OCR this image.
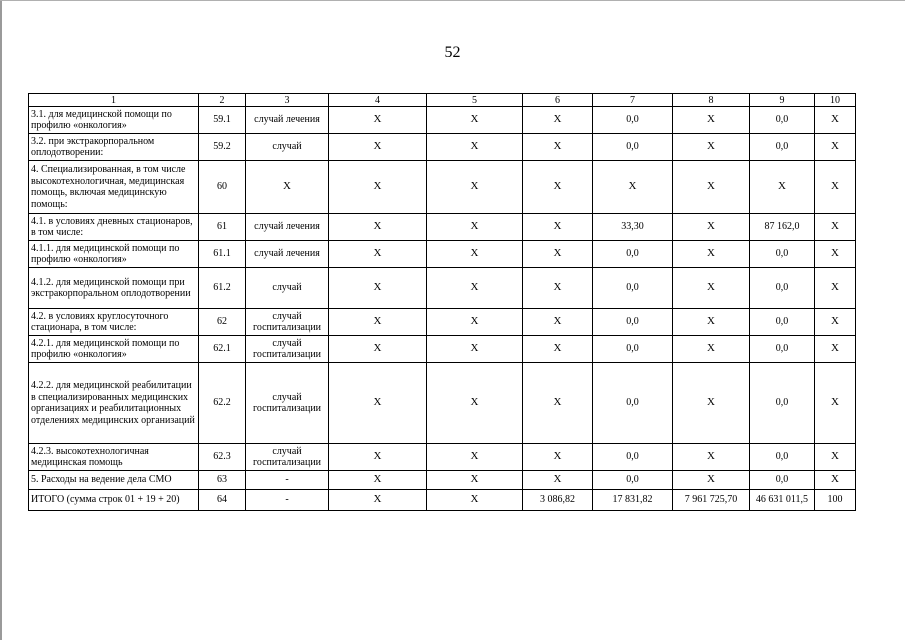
52
1	2	3	4	5	6	7	8	9	10
3.1. для медицинской помощи по профилю «онкология»	59.1	случай лечения	X	X	X	0,0	X	0,0	X
3.2. при экстракорпоральном оплодотворении:	59.2	случай	X	X	X	0,0	X	0,0	X
4. Специализированная, в том числе высокотехнологичная, медицинская помощь, включая медицинскую помощь:	60	X	X	X	X	X	X	X	X
4.1. в условиях дневных стационаров, в том числе:	61	случай лечения	X	X	X	33,30	X	87 162,0	X
4.1.1. для медицинской помощи по профилю «онкология»	61.1	случай лечения	X	X	X	0,0	X	0,0	X
4.1.2. для медицинской помощи при экстракорпоральном оплодотворении	61.2	случай	X	X	X	0,0	X	0,0	X
4.2. в условиях круглосуточного стационара, в том числе:	62	случай госпитализации	X	X	X	0,0	X	0,0	X
4.2.1. для медицинской помощи по профилю «онкология»	62.1	случай госпитализации	X	X	X	0,0	X	0,0	X
4.2.2. для медицинской реабилитации в специализированных медицинских организациях и реабилитационных отделениях медицинских организаций	62.2	случай госпитализации	X	X	X	0,0	X	0,0	X
4.2.3. высокотехнологичная медицинская помощь	62.3	случай госпитализации	X	X	X	0,0	X	0,0	X
5. Расходы на ведение дела СМО	63	-	X	X	X	0,0	X	0,0	X
ИТОГО (сумма строк 01 + 19 + 20)	64	-	X	X	3 086,82	17 831,82	7 961 725,70	46 631 011,5	100
